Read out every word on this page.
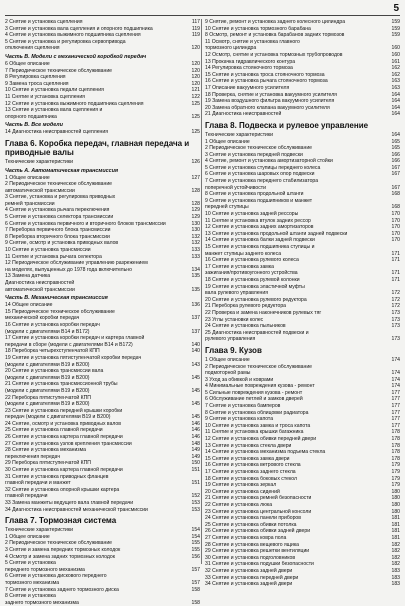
5
117
2 Снятие и установка сцепления
119
3 Снятие и установка вала сцепления и опорного подшипника
119
4 Снятие и установка выжимного подшипника сцепления
5 Снятие и установка и регулировка сервопривода
120
отключения сцепления
Часть В. Модели с механической коробкой передач
120
6 Общее описание
120
7 Периодическое техническое обслуживание
120
8 Регулировка сцепления
120
9 Замена троса сцепления
121
10 Снятие и установка педали сцепления
122
11 Снятие и установка сцепления
125
12 Снятие и установка выжимного подшипника сцепления
13 Снятие и установка вала сцепления и
125
опорного подшипника
Часть В. Все модели
125
14 Диагностика неисправностей сцепления
Глава 6. Коробка передач, главная передача и приводные валы
126
Технические характеристики
Часть А. Автоматическая трансмиссия
127
1 Общее описание
2 Периодическое техническое обслуживание
128
автоматической трансмиссии
3 Снятие, установка и регулировка приводных
128
ремней трансмиссии
129
4 Снятие и установка рычага переключения
129
5 Снятие и установка селектора трансмиссии
130
6 Снятие и установка первичного и вторичного блоков трансмиссии
130
7 Переборка первичного блока трансмиссии
132
8 Переборка вторичного блока трансмиссии
132
9 Снятие, осмотр и установка приводных валов
133
10 Снятие и установка трансмиссии
133
11 Снятие и установка рычага селектора
12 Периодическое обслуживание управлению разрежением
134
на моделях, выпущенных до 1978 года включительно
135
13 Замена датчика
Диагностика неисправностей
135
автоматической трансмиссии
Часть В. Механическая трансмиссия
136
14 Общее описание
15 Периодическое техническое обслуживание
137
механической коробки передач
16 Снятие и установка коробки передач
137
(модели с двигателями B14 и B172)
17 Снятие и установка коробки передач и картера главной
140
передачи в сборе (модели с двигателями B14 и B172)
140
18 Переборка четырехступенчатой КПП
19 Снятие и установка пятиступенчатой коробки передач
143
(модели с двигателями B19 и B200)
20 Снятие и установка трансмиссии вала
145
(модели с двигателями B19 и B200)
21 Снятие и установка трансмиссионной трубы
145
(модели с двигателями B19 и B200)
22 Переборка пятиступенчатой КПП
145
(модели с двигателями B19 и B200)
23 Снятие и установка передней крышки коробки
145
передач (модели с двигателями B19 и B200)
146
24 Снятие, осмотр и установка приводных валов
146
25 Снятие и установка главной передачи
146
26 Снятие и установка картера главной передачи
148
27 Снятие и установка узлов крепления трансмиссии
149
28 Снятие и установка механизма
149
переключения передач
150
29 Переборка пятиступенчатой КПП
151
30 Снятие и установка картера главной передачи
31 Снятие и установка приводных фланцев
151
главной передачи и манжет
32 Снятие и установка опорной крышки картера
152
главной передачи
153
33 Замена манжеты ведущего вала главной передачи
153
34 Диагностика неисправностей механической трансмиссии
Глава 7. Тормозная система
154
Технические характеристики
154
1 Общее описание
155
2 Периодическое техническое обслуживание
155
3 Снятие и замена передних тормозных колодок
156
4 Осмотр и замена задних тормозных колодок
5 Снятие и установка
157
переднего тормозного механизма
6 Снятие и установка дискового переднего
157
тормозного механизма
158
7 Снятие и установка заднего тормозного диска
8 Снятие и установка
158
заднего тормозного механизма
159
9 Снятие, ремонт и установка заднего колесного цилиндра
159
10 Снятие и установка тормозного барабана
159
8 Осмотр, ремонт и установка барабанов задних тормозов
11 Осмотр, снятие и установка главного
160
тормозного цилиндра
160
12 Осмотр, снятие и установка тормозных трубопроводов
161
13 Прокачка гидравлического контура
162
14 Регулировка стояночного тормоза
162
15 Снятие и установка троса стояночного тормоза
163
16 Снятие и установка рычага стояночного тормоза
163
17 Описание вакуумного усилителя
164
18 Проверка, снятие и установка вакуумного усилителя
164
19 Замена воздушного фильтра вакуумного усилителя
164
20 Замена обратного клапана вакуумного усилителя
164
21 Диагностика неисправностей
Глава 8. Подвеска и рулевое управление
164
Технические характеристики
165
1 Общее описание
165
2 Периодическое техническое обслуживание
166
3 Снятие и установка передней подвески
166
4 Снятие, ремонт и установка амортизаторной стойки
167
5 Снятие и установка ступицы переднего колеса
167
6 Снятие и установка шаровых опор подвески
7 Снятие и установка переднего стабилизатора
167
поперечной устойчивости
168
8 Снятие и установка продольной штанги
9 Снятие и установка подшипников и манжет
168
передней ступицы
170
10 Снятие и установка задней рессоры
170
11 Снятие и установка втулок задних рессор
170
12 Снятие и установка задних амортизаторов
170
13 Снятие и установка продольной штанги задней подвески
170
14 Снятие и установка балки задней подвески
15 Снятие и установка подшипника ступицы и
171
манжет ступицы заднего колеса
171
16 Снятие и установка рулевого колеса
17 Снятие и установка замка
171
зажигания/противоугонного устройства
171
18 Снятие и установка рулевой колонки
19 Снятие и установка эластичной муфты
172
вала рулевого управления
172
20 Снятие и установка рулевого редуктора
172
21 Переборка рулевого редуктора
173
22 Проверка и замена наконечников рулевых тяг
173
23 Углы установки колес
173
24 Снятие и установка пыльников
25 Диагностика неисправностей подвески и
173
рулевого управления
Глава 9. Кузов
174
1 Общее описание
2 Периодическое техническое обслуживание
174
подмоторной рамы
174
3 Уход за обивкой и коврами
174
4 Минимальные повреждения кузова - ремонт
177
5 Сильные повреждения кузова - ремонт
177
6 Обслуживание петлей и замков дверей
177
7 Снятие и установка бамперов
177
8 Снятие и установка облицовки радиатора
177
9 Снятие и установка капота
177
10 Снятие и установка замка и троса капота
178
11 Снятие и установка крышки багажника
178
12 Снятие и установка обивки передней двери
178
13 Снятие и установка стекла двери
178
14 Снятие и установка механизма подъема стекла
178
15 Снятие и установка замка двери
179
16 Снятие и установка ветрового стекла
179
17 Снятие и установка заднего стекла
179
18 Снятие и установка боковых стекол
179
19 Снятие и установка зеркал
180
20 Снятие и установка сидений
180
21 Снятие и установка ремней безопасности
180
22 Снятие и установка люка
180
23 Снятие и установка центральной консоли
181
24 Снятие и установка панели приборов
181
25 Снятие и установка обивки потолка
181
26 Снятие и установка обивки задней двери
181
27 Снятие и установка ковра пола
182
28 Снятие и установка вещевого ящика
182
29 Снятие и установка решетки вентиляции
182
30 Снятие и установка подголовников
182
31 Снятие и установка подушки безопасности
183
32 Снятие и установка задней двери
183
33 Снятие и установка передней двери
183
34 Снятие и установка задней двери
